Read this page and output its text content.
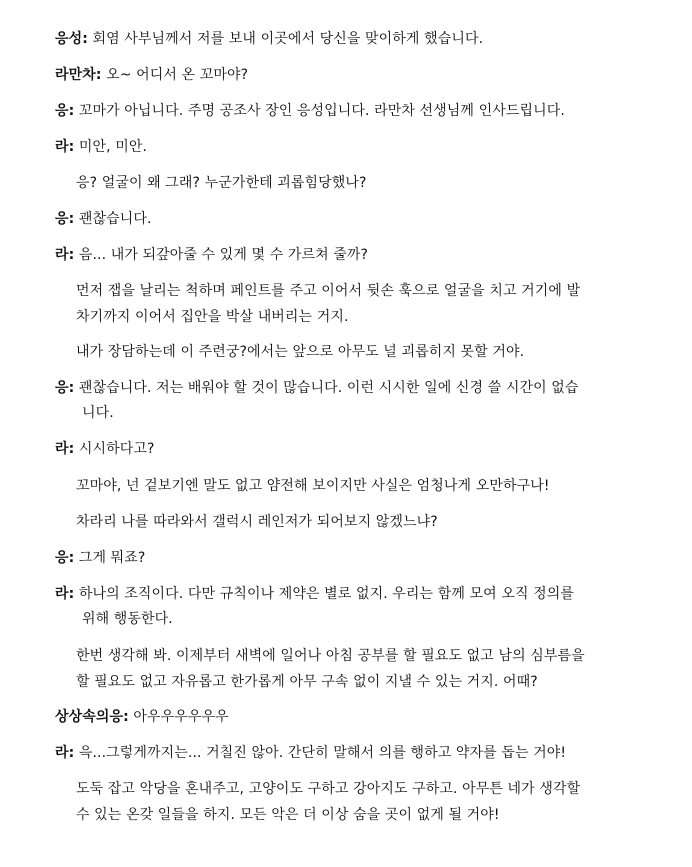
응성: 회염 사부님께서 저를 보내 이곳에서 당신을 맞이하게 했습니다.
라만차: 오~ 어디서 온 꼬마야?
응: 꼬마가 아닙니다. 주명 공조사 장인 응성입니다. 라만차 선생님께 인사드립니다.
라: 미안, 미안.
응? 얼굴이 왜 그래? 누군가한테 괴롭힘당했나?
응: 괜찮습니다.
라: 음... 내가 되갚아줄 수 있게 몇 수 가르쳐 줄까?
먼저 잽을 날리는 척하며 페인트를 주고 이어서 뒷손 훅으로 얼굴을 치고 거기에 발
차기까지 이어서 집안을 박살 내버리는 거지.
내가 장담하는데 이 주련궁?에서는 앞으로 아무도 널 괴롭히지 못할 거야.
응: 괜찮습니다. 저는 배워야 할 것이 많습니다. 이런 시시한 일에 신경 쓸 시간이 없습
니다.
라: 시시하다고?
꼬마야, 넌 겉보기엔 말도 없고 얌전해 보이지만 사실은 엄청나게 오만하구나!
차라리 나를 따라와서 갤럭시 레인저가 되어보지 않겠느냐?
응: 그게 뭐죠?
라: 하나의 조직이다. 다만 규칙이나 제약은 별로 없지. 우리는 함께 모여 오직 정의를
위해 행동한다.
한번 생각해 봐. 이제부터 새벽에 일어나 아침 공부를 할 필요도 없고 남의 심부름을
할 필요도 없고 자유롭고 한가롭게 아무 구속 없이 지낼 수 있는 거지. 어때?
상상속의응: 아우우우우우우
라: 윽...그렇게까지는... 거칠진 않아. 간단히 말해서 의를 행하고 약자를 돕는 거야!
도둑 잡고 악당을 혼내주고, 고양이도 구하고 강아지도 구하고. 아무튼 네가 생각할
수 있는 온갖 일들을 하지. 모든 악은 더 이상 숨을 곳이 없게 될 거야!
